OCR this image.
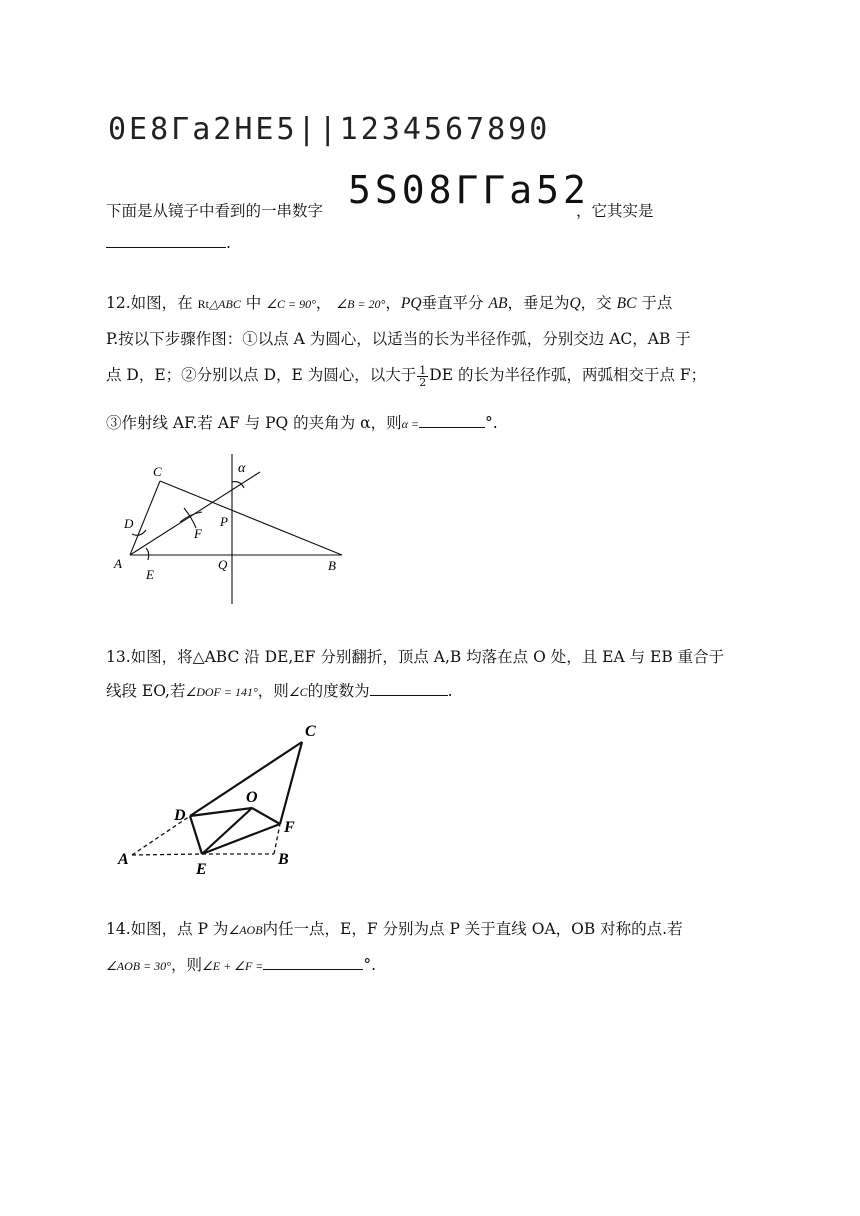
0E8Γa2ΗE5||1234567890
下面是从镜子中看到的一串数字 5S08ΓΓa52
，它其实是
.
12.如图，在 Rt△ABC 中 ∠C = 90°， ∠B = 20°，PQ垂直平分 AB，垂足为Q，交 BC 于点
P.按以下步骤作图：①以点 A 为圆心，以适当的长为半径作弧，分别交边 AC，AB 于
点 D，E；②分别以点 D，E 为圆心，以大于 $\frac{1}{2}$ DE 的长为半径作弧，两弧相交于点 F；
③作射线 AF.若 AF 与 PQ 的夹角为 α，则α =	°.
C
D
F
P
α
A
E
Q	B
13.如图，将△ABC 沿 DE,EF 分别翻折，顶点 A,B 均落在点 O 处，且 EA 与 EB 重合于
线段 EO,若∠DOF = 141°，则∠C的度数为	.
C
D
O
F
A
E
B
14.如图，点 P 为∠AOB内任一点，E，F 分别为点 P 关于直线 OA，OB 对称的点.若
∠AOB = 30°，则∠E + ∠F =	°.
